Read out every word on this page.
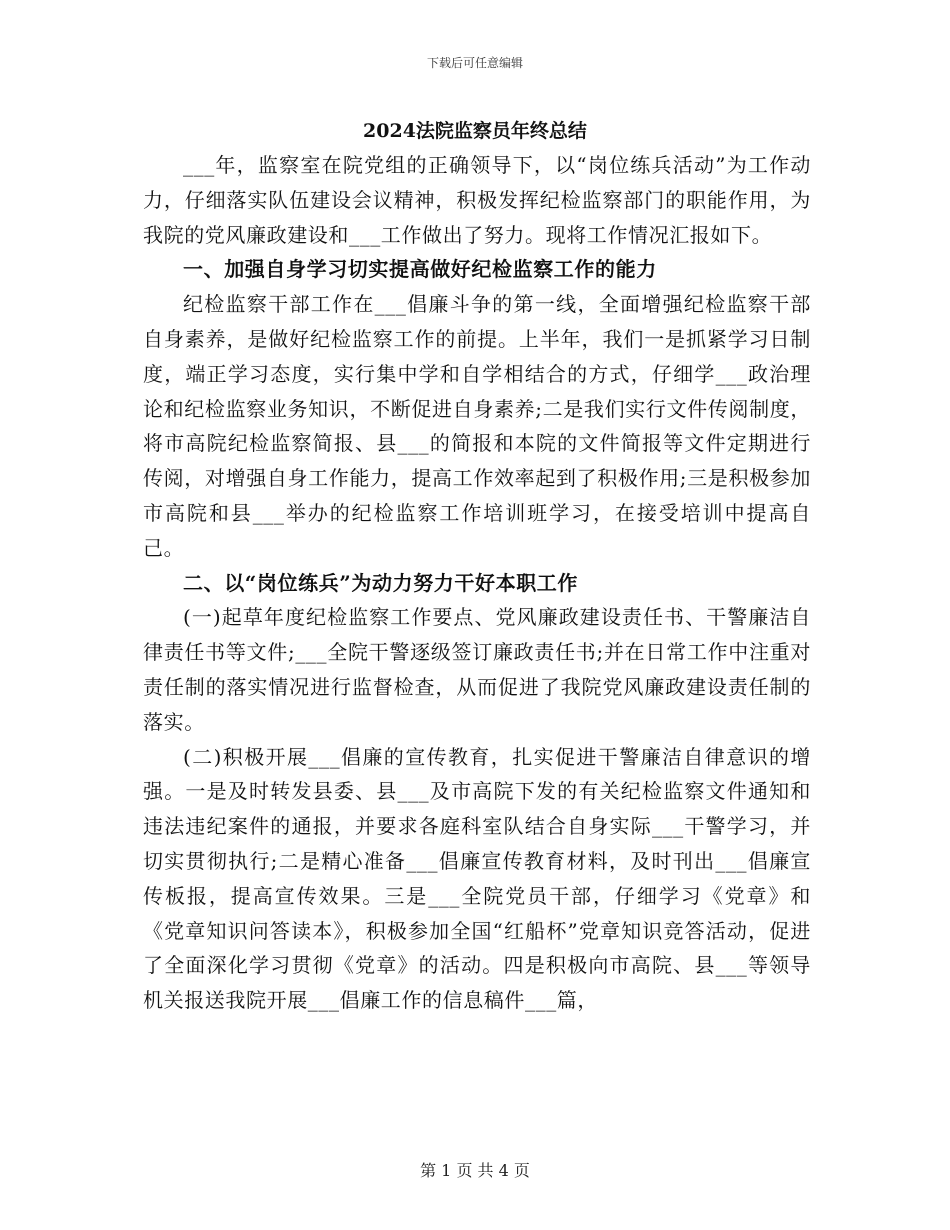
下载后可任意编辑
2024法院监察员年终总结

___年，监察室在院党组的正确领导下，以“岗位练兵活动”为工作动力，仔细落实队伍建设会议精神，积极发挥纪检监察部门的职能作用，为我院的党风廉政建设和___工作做出了努力。现将工作情况汇报如下。

一、加强自身学习切实提高做好纪检监察工作的能力

纪检监察干部工作在___倡廉斗争的第一线，全面增强纪检监察干部自身素养，是做好纪检监察工作的前提。上半年，我们一是抓紧学习日制度，端正学习态度，实行集中学和自学相结合的方式，仔细学___政治理论和纪检监察业务知识，不断促进自身素养;二是我们实行文件传阅制度，将市高院纪检监察简报、县___的简报和本院的文件简报等文件定期进行传阅，对增强自身工作能力，提高工作效率起到了积极作用;三是积极参加市高院和县___举办的纪检监察工作培训班学习，在接受培训中提高自己。

二、以“岗位练兵”为动力努力干好本职工作

(一)起草年度纪检监察工作要点、党风廉政建设责任书、干警廉洁自律责任书等文件;___全院干警逐级签订廉政责任书;并在日常工作中注重对责任制的落实情况进行监督检查，从而促进了我院党风廉政建设责任制的落实。

(二)积极开展___倡廉的宣传教育，扎实促进干警廉洁自律意识的增强。一是及时转发县委、县___及市高院下发的有关纪检监察文件通知和违法违纪案件的通报，并要求各庭科室队结合自身实际___干警学习，并切实贯彻执行;二是精心准备___倡廉宣传教育材料，及时刊出___倡廉宣传板报，提高宣传效果。三是___全院党员干部，仔细学习《党章》和《党章知识问答读本》，积极参加全国“红船杯”党章知识竞答活动，促进了全面深化学习贯彻《党章》的活动。四是积极向市高院、县___等领导机关报送我院开展___倡廉工作的信息稿件___篇，

第 1 页 共 4 页
